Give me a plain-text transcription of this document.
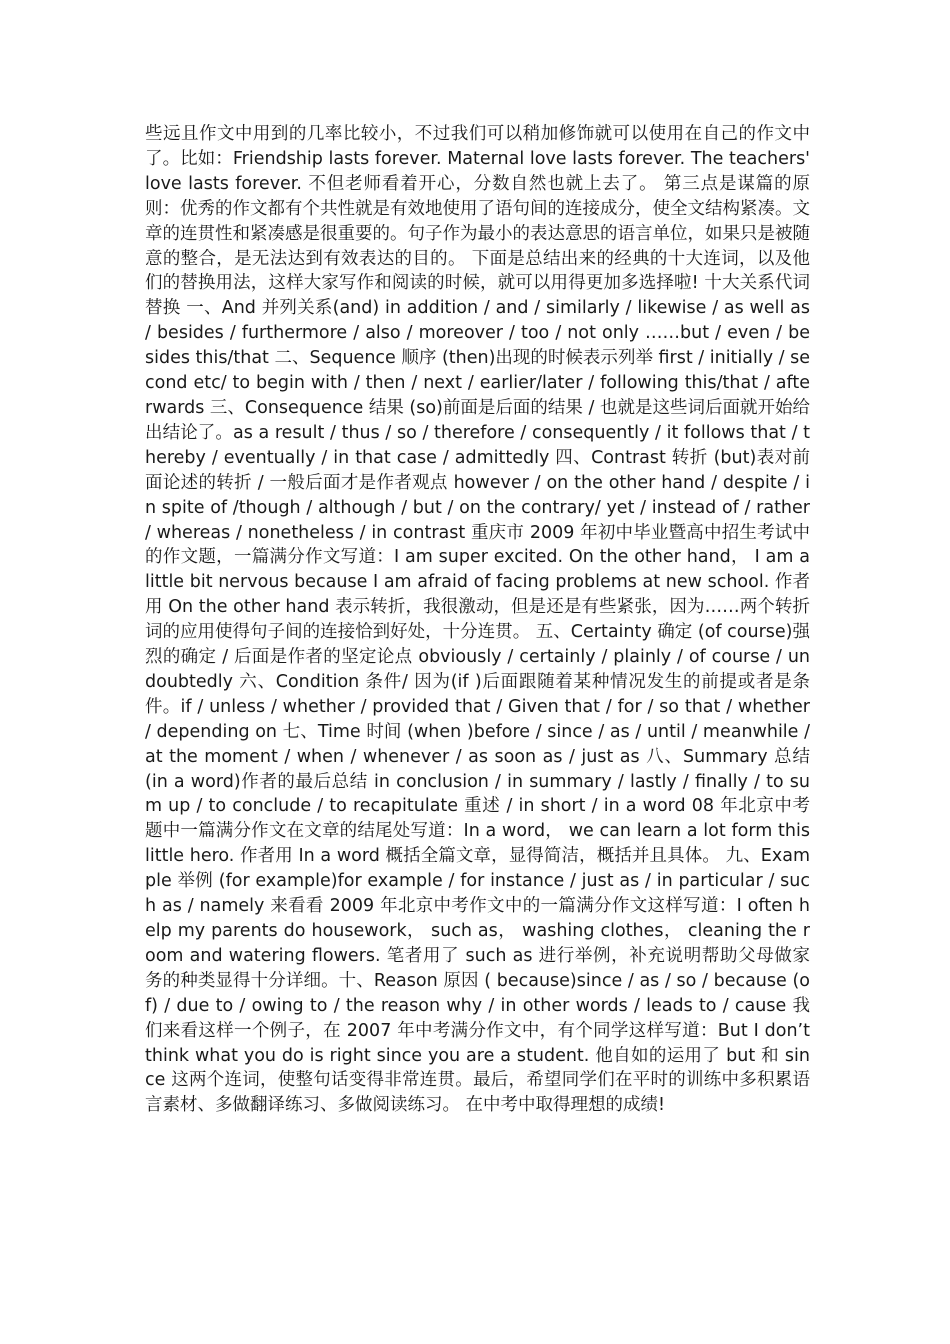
些远且作文中用到的几率比较小，不过我们可以稍加修饰就可以使用在自己的作文中了。比如：Friendship lasts forever. Maternal love lasts forever. The teachers' love lasts forever. 不但老师看着开心，分数自然也就上去了。 第三点是谋篇的原则：优秀的作文都有个共性就是有效地使用了语句间的连接成分，使全文结构紧凑。文章的连贯性和紧凑感是很重要的。句子作为最小的表达意思的语言单位，如果只是被随意的整合，是无法达到有效表达的目的。 下面是总结出来的经典的十大连词，以及他们的替换用法，这样大家写作和阅读的时候，就可以用得更加多选择啦! 十大关系代词替换 一、And 并列关系(and) in addition / and / similarly / likewise / as well as / besides / furthermore / also / moreover / too / not only ……but / even / besides this/that 二、Sequence 顺序 (then)出现的时候表示列举 first / initially / second etc/ to begin with / then / next / earlier/later / following this/that / afterwards 三、Consequence 结果 (so)前面是后面的结果 / 也就是这些词后面就开始给出结论了。as a result / thus / so / therefore / consequently / it follows that / thereby / eventually / in that case / admittedly 四、Contrast 转折 (but)表对前面论述的转折 / 一般后面才是作者观点 however / on the other hand / despite / in spite of /though / although / but / on the contrary/ yet / instead of / rather / whereas / nonetheless / in contrast 重庆市 2009 年初中毕业暨高中招生考试中的作文题，一篇满分作文写道：I am super excited. On the other hand， I am a little bit nervous because I am afraid of facing problems at new school. 作者用 On the other hand 表示转折，我很激动，但是还是有些紧张，因为……两个转折词的应用使得句子间的连接恰到好处，十分连贯。 五、Certainty 确定 (of course)强烈的确定 / 后面是作者的坚定论点 obviously / certainly / plainly / of course / undoubtedly 六、Condition 条件/ 因为(if )后面跟随着某种情况发生的前提或者是条件。if / unless / whether / provided that / Given that / for / so that / whether / depending on 七、Time 时间 (when )before / since / as / until / meanwhile / at the moment / when / whenever / as soon as / just as 八、Summary 总结 (in a word)作者的最后总结 in conclusion / in summary / lastly / finally / to sum up / to conclude / to recapitulate 重述 / in short / in a word 08 年北京中考题中一篇满分作文在文章的结尾处写道：In a word， we can learn a lot form this little hero. 作者用 In a word 概括全篇文章，显得简洁，概括并且具体。 九、Example 举例 (for example)for example / for instance / just as / in particular / such as / namely 来看看 2009 年北京中考作文中的一篇满分作文这样写道：I often help my parents do housework， such as， washing clothes， cleaning the room and watering flowers. 笔者用了 such as 进行举例，补充说明帮助父母做家务的种类显得十分详细。十、Reason 原因 ( because)since / as / so / because (of) / due to / owing to / the reason why / in other words / leads to / cause 我们来看这样一个例子，在 2007 年中考满分作文中，有个同学这样写道：But I don’t think what you do is right since you are a student. 他自如的运用了 but 和 since 这两个连词，使整句话变得非常连贯。最后，希望同学们在平时的训练中多积累语言素材、多做翻译练习、多做阅读练习。 在中考中取得理想的成绩!
